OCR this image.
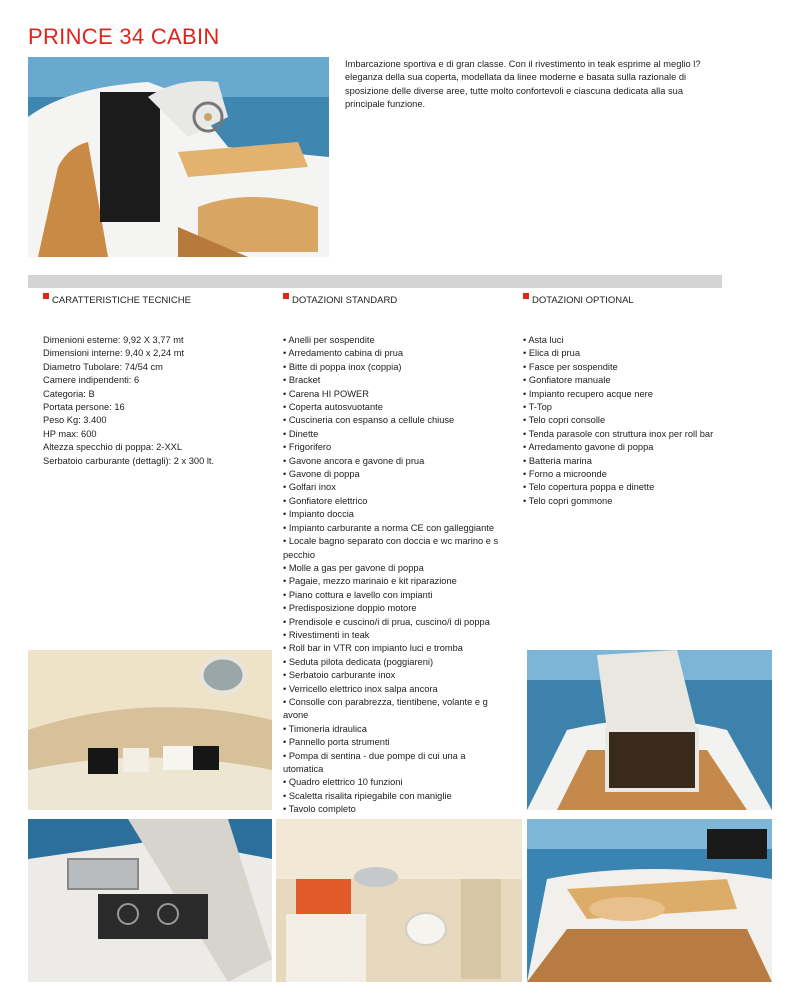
PRINCE 34 CABIN
Imbarcazione sportiva e di gran classe. Con il rivestimento in teak esprime al meglio l?eleganza della sua coperta, modellata da linee moderne e basata sulla razionale di sposizione delle diverse aree, tutte molto confortevoli e ciascuna dedicata alla sua principale funzione.
CARATTERISTICHE TECNICHE	DOTAZIONI STANDARD	DOTAZIONI OPTIONAL
Dimenioni esterne: 9,92 X 3,77 mt
Dimensioni interne: 9,40 x 2,24 mt
Diametro Tubolare: 74/54 cm
Camere indipendenti: 6
Categoria: B
Portata persone: 16
Peso Kg: 3.400
HP max: 600
Altezza specchio di poppa: 2-XXL
Serbatoio carburante (dettagli): 2 x 300 lt.
• Anelli per sospendite
• Arredamento cabina di prua
• Bitte di poppa inox (coppia)
• Bracket
• Carena HI POWER
• Coperta autosvuotante
• Cuscineria con espanso a cellule chiuse
• Dinette
• Frigorifero
• Gavone ancora e gavone di prua
• Gavone di poppa
• Golfari inox
• Gonfiatore elettrico
• Impianto doccia
• Impianto carburante a norma CE con galleggiante
• Locale bagno separato con doccia e wc marino e s
pecchio
• Molle a gas per gavone di poppa
• Pagaie, mezzo marinaio e kit riparazione
• Piano cottura e lavello con impianti
• Predisposizione doppio motore
• Prendisole e cuscino/i di prua, cuscino/i di poppa
• Rivestimenti in teak
• Roll bar in VTR con impianto luci e tromba
• Seduta pilota dedicata (poggiareni)
• Serbatoio carburante inox
• Verricello elettrico inox salpa ancora
• Consolle con parabrezza, tientibene, volante e g
avone
• Timoneria idraulica
• Pannello porta strumenti
• Pompa di sentina - due pompe di cui una a
utomatica
• Quadro elettrico 10 funzioni
• Scaletta risalita ripiegabile con maniglie
• Tavolo completo
• Asta luci
• Elica di prua
• Fasce per sospendite
• Gonfiatore manuale
• Impianto recupero acque nere
• T-Top
• Telo copri consolle
• Tenda parasole con struttura inox per roll bar
• Arredamento gavone di poppa
• Batteria marina
• Forno a microonde
• Telo copertura poppa e dinette
• Telo copri gommone
